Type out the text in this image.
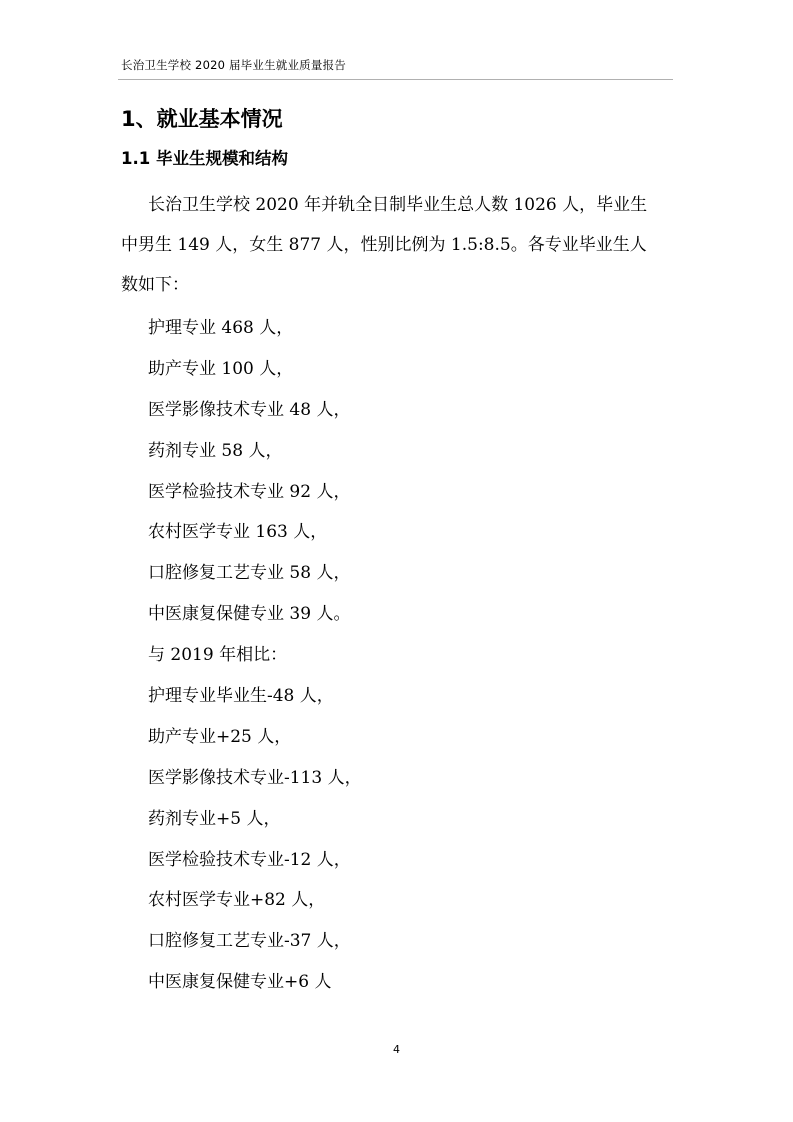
长治卫生学校 2020 届毕业生就业质量报告
1、就业基本情况
1.1 毕业生规模和结构
长治卫生学校 2020 年并轨全日制毕业生总人数 1026 人，毕业生
中男生 149 人，女生 877 人，性别比例为 1.5:8.5。各专业毕业生人
数如下：
护理专业 468 人，
助产专业 100 人，
医学影像技术专业 48 人，
药剂专业 58 人，
医学检验技术专业 92 人，
农村医学专业 163 人，
口腔修复工艺专业 58 人，
中医康复保健专业 39 人。
与 2019 年相比：
护理专业毕业生-48 人，
助产专业+25 人，
医学影像技术专业-113 人，
药剂专业+5 人，
医学检验技术专业-12 人，
农村医学专业+82 人，
口腔修复工艺专业-37 人，
中医康复保健专业+6 人
4
